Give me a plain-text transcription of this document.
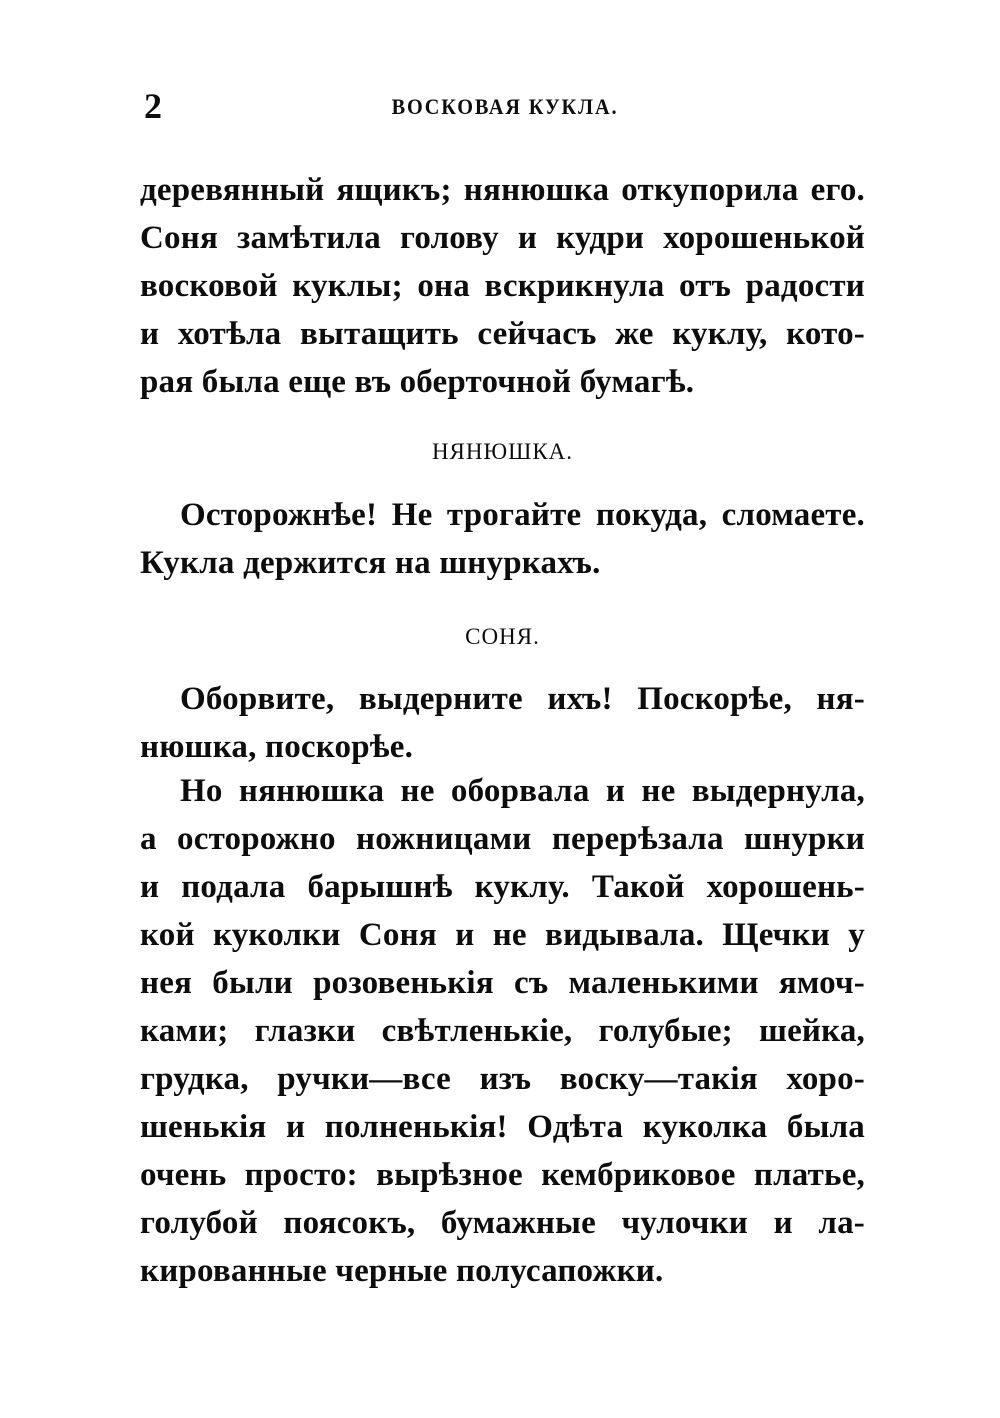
2	ВОСКОВАЯ КУКЛА.
деревянный ящикъ; нянюшка откупорила его.
Соня замѣтила голову и кудри хорошенькой
восковой куклы; она вскрикнула отъ радости
и хотѣла вытащить сейчасъ же куклу, кото-
рая была еще въ оберточной бумагѣ.
НЯНЮШКА.
Осторожнѣе! Не трогайте покуда, сломаете.
Кукла держится на шнуркахъ.
СОНЯ.
Оборвите, выдерните ихъ! Поскорѣе, ня-
нюшка, поскорѣе.
Но нянюшка не оборвала и не выдернула,
а осторожно ножницами перерѣзала шнурки
и подала барышнѣ куклу. Такой хорошень-
кой куколки Соня и не видывала. Щечки у
нея были розовенькія съ маленькими ямоч-
ками; глазки свѣтленькіе, голубые; шейка,
грудка, ручки—все изъ воску—такія хоро-
шенькія и полненькія! Одѣта куколка была
очень просто: вырѣзное кембриковое платье,
голубой поясокъ, бумажные чулочки и ла-
кированные черные полусапожки.
